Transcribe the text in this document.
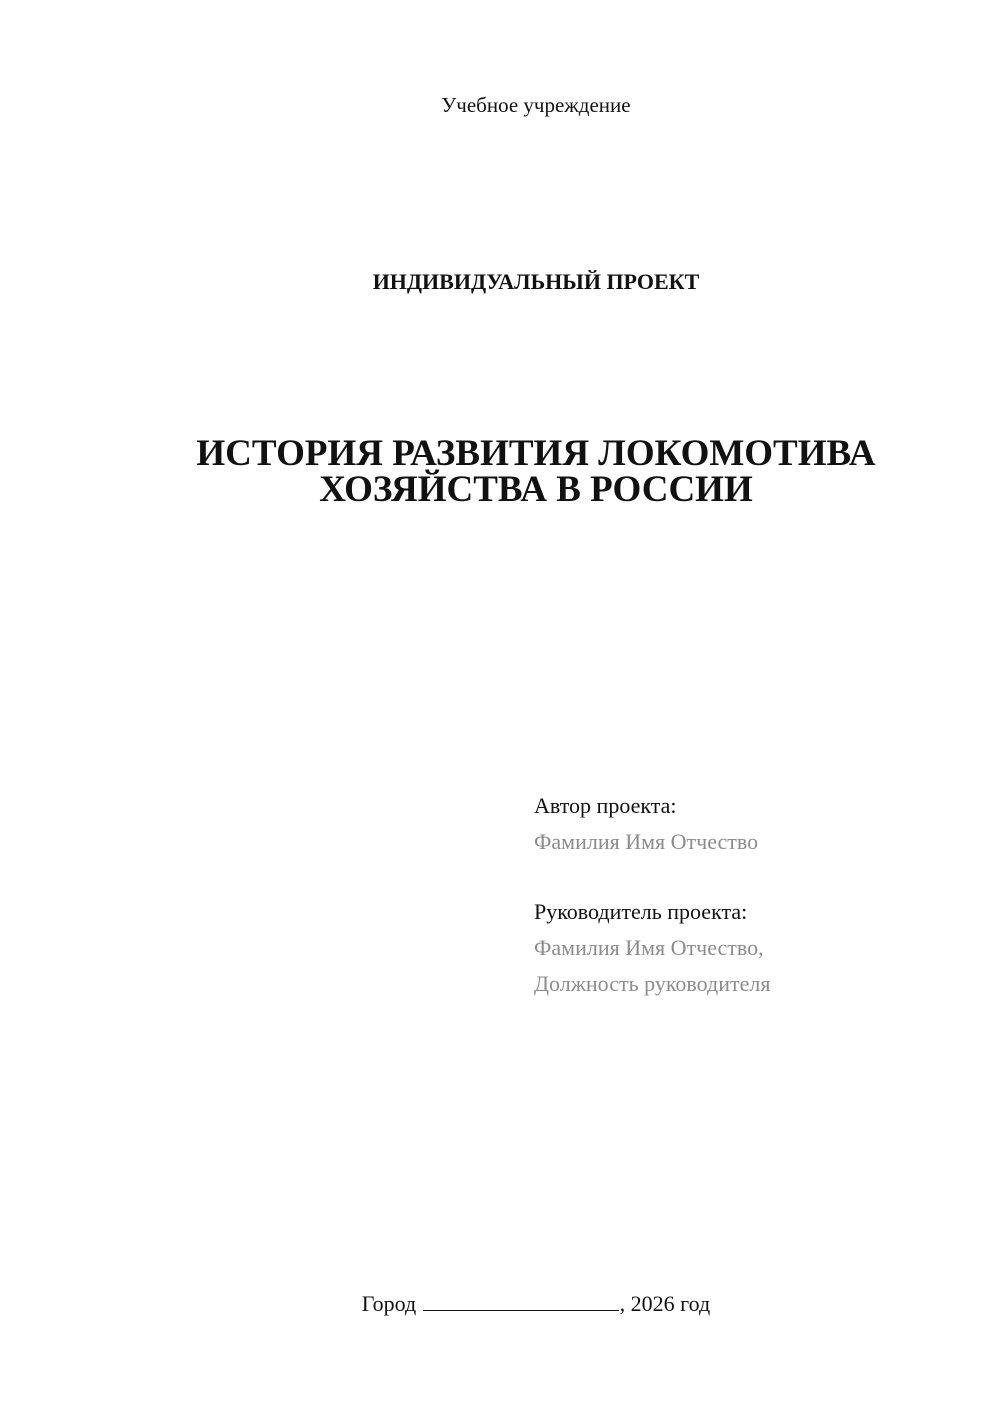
Учебное учреждение
ИНДИВИДУАЛЬНЫЙ ПРОЕКТ
ИСТОРИЯ РАЗВИТИЯ ЛОКОМОТИВА
ХОЗЯЙСТВА В РОССИИ
Автор проекта:
Фамилия Имя Отчество
Руководитель проекта:
Фамилия Имя Отчество,
Должность руководителя
Город	, 2026 год
